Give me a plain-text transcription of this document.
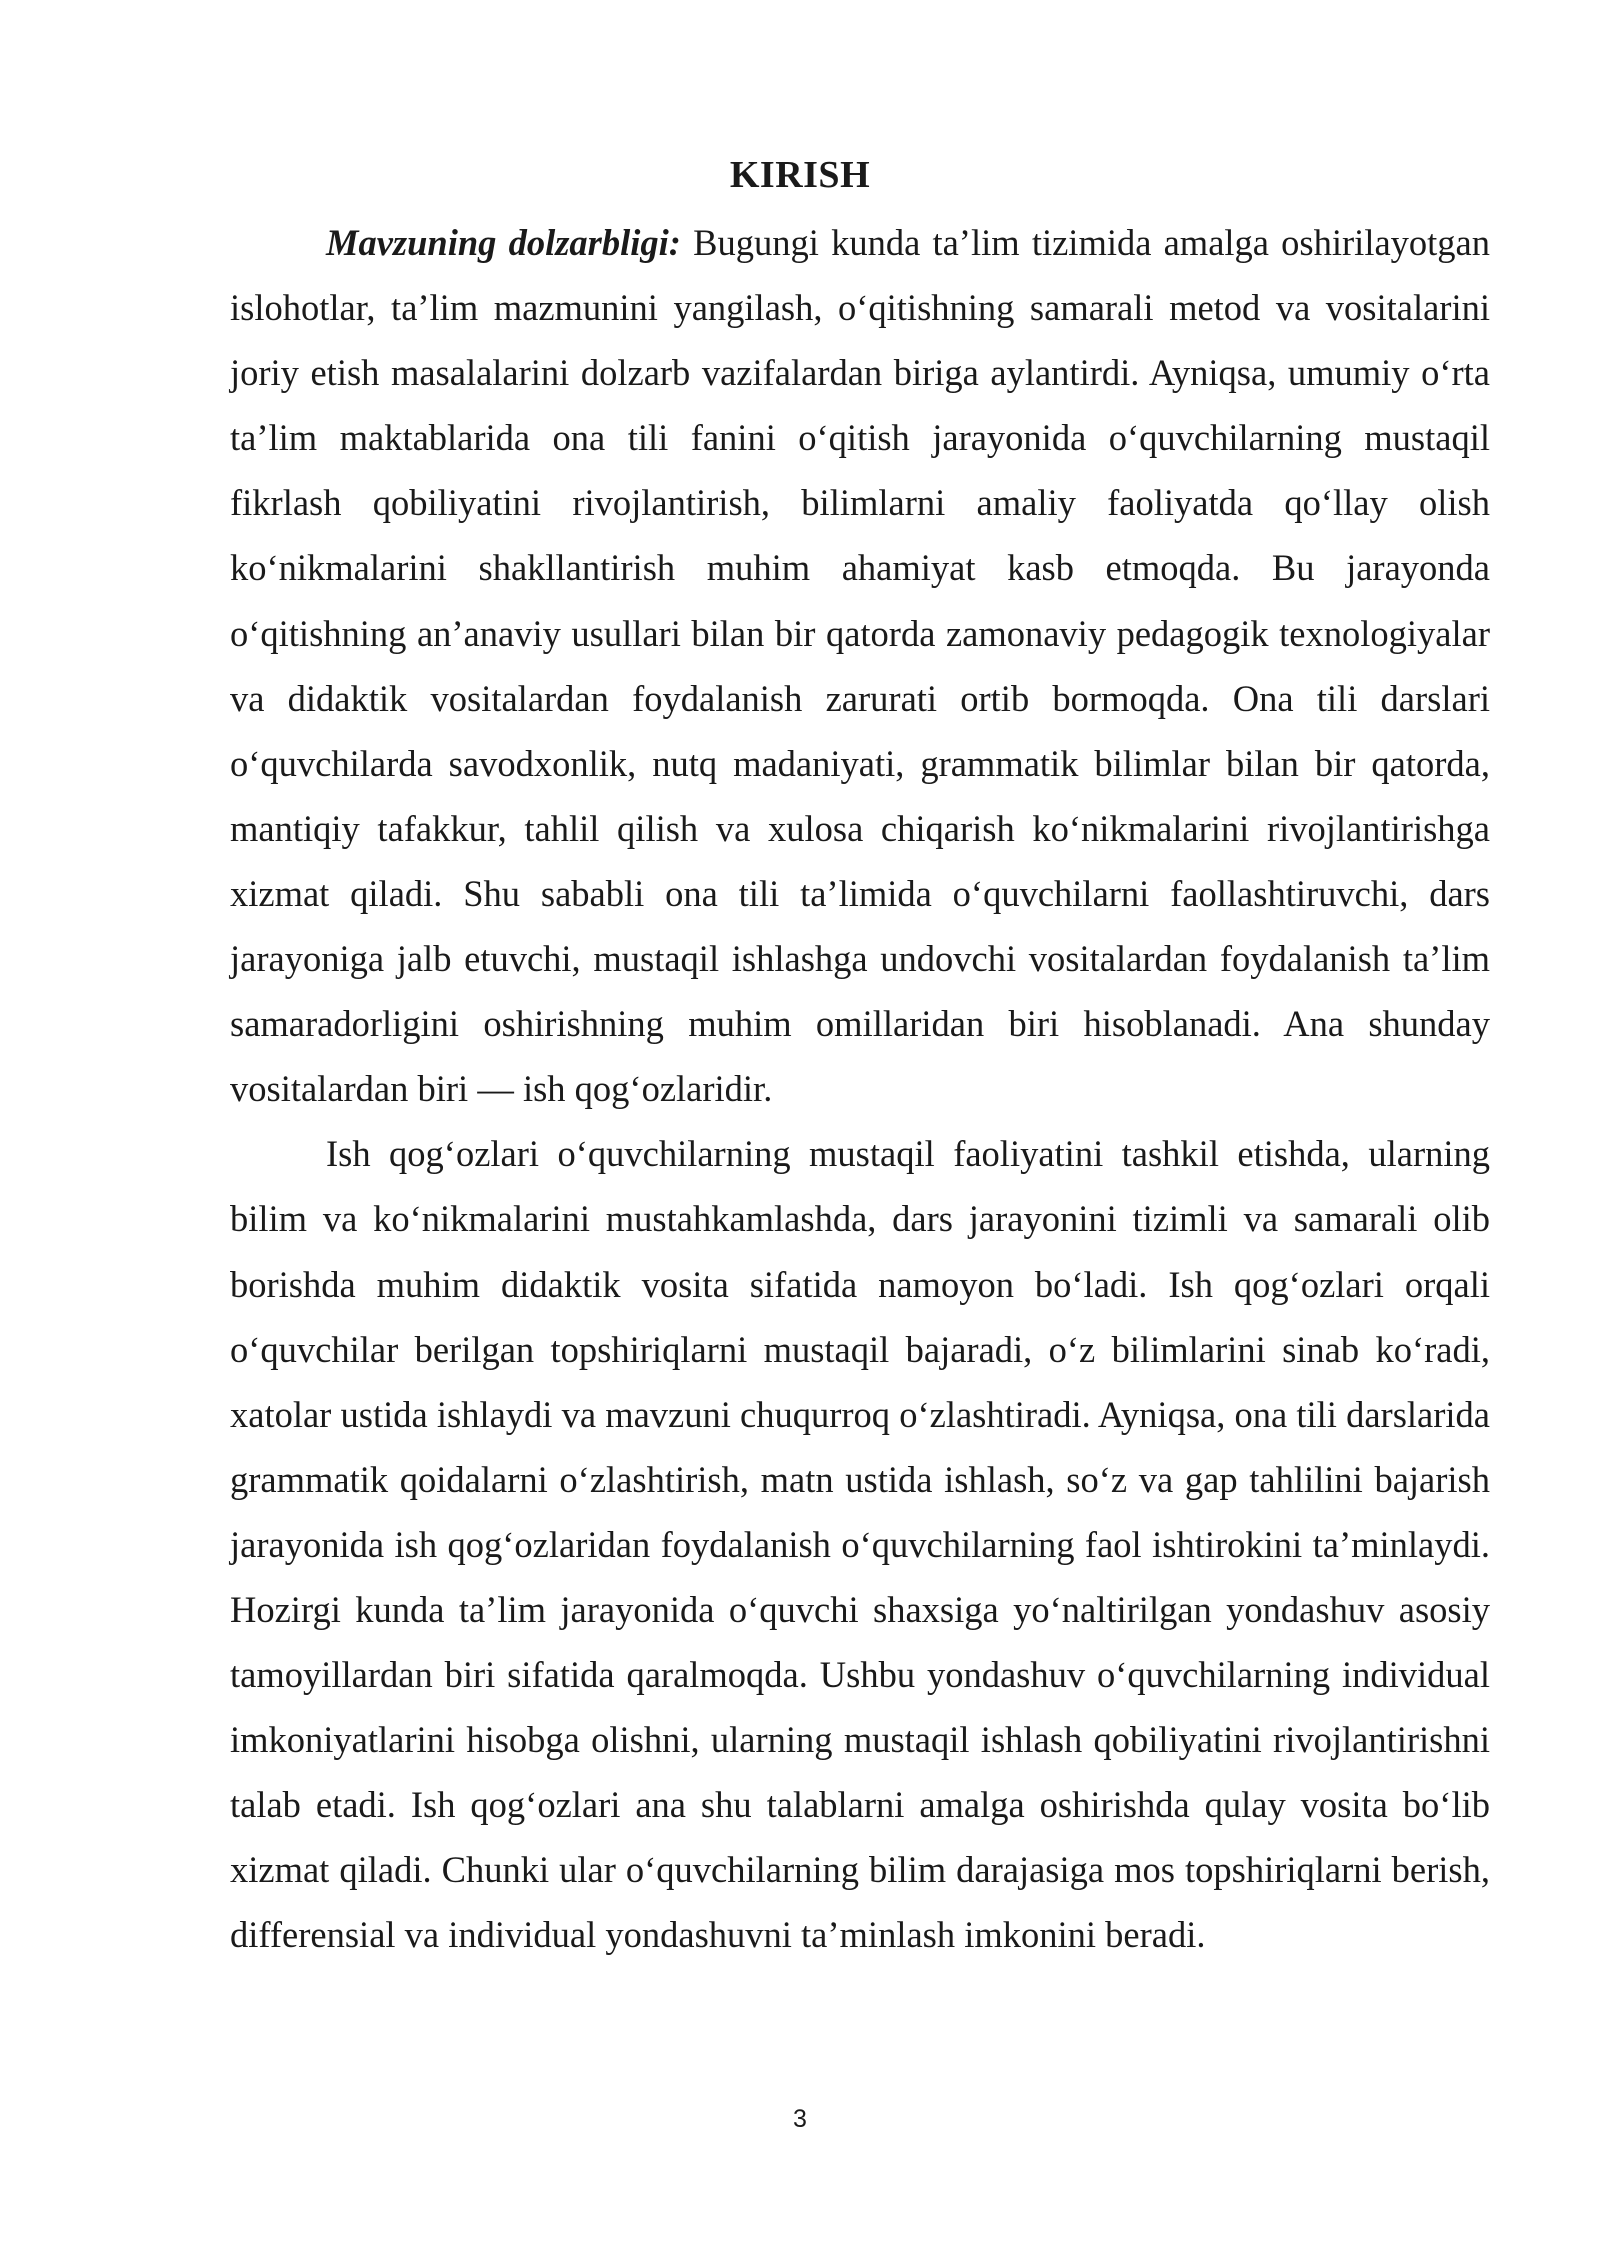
KIRISH

Mavzuning dolzarbligi: Bugungi kunda ta’lim tizimida amalga oshirilayotgan islohotlar, ta’lim mazmunini yangilash, o‘qitishning samarali metod va vositalarini joriy etish masalalarini dolzarb vazifalardan biriga aylantirdi. Ayniqsa, umumiy o‘rta ta’lim maktablarida ona tili fanini o‘qitish jarayonida o‘quvchilarning mustaqil fikrlash qobiliyatini rivojlantirish, bilimlarni amaliy faoliyatda qo‘llay olish ko‘nikmalarini shakllantirish muhim ahamiyat kasb etmoqda. Bu jarayonda o‘qitishning an’anaviy usullari bilan bir qatorda zamonaviy pedagogik texnologiyalar va didaktik vositalardan foydalanish zarurati ortib bormoqda. Ona tili darslari o‘quvchilarda savodxonlik, nutq madaniyati, grammatik bilimlar bilan bir qatorda, mantiqiy tafakkur, tahlil qilish va xulosa chiqarish ko‘nikmalarini rivojlantirishga xizmat qiladi. Shu sababli ona tili ta’limida o‘quvchilarni faollashtiruvchi, dars jarayoniga jalb etuvchi, mustaqil ishlashga undovchi vositalardan foydalanish ta’lim samaradorligini oshirishning muhim omillaridan biri hisoblanadi. Ana shunday vositalardan biri — ish qog‘ozlaridir.

Ish qog‘ozlari o‘quvchilarning mustaqil faoliyatini tashkil etishda, ularning bilim va ko‘nikmalarini mustahkamlashda, dars jarayonini tizimli va samarali olib borishda muhim didaktik vosita sifatida namoyon bo‘ladi. Ish qog‘ozlari orqali o‘quvchilar berilgan topshiriqlarni mustaqil bajaradi, o‘z bilimlarini sinab ko‘radi, xatolar ustida ishlaydi va mavzuni chuqurroq o‘zlashtiradi. Ayniqsa, ona tili darslarida grammatik qoidalarni o‘zlashtirish, matn ustida ishlash, so‘z va gap tahlilini bajarish jarayonida ish qog‘ozlaridan foydalanish o‘quvchilarning faol ishtirokini ta’minlaydi. Hozirgi kunda ta’lim jarayonida o‘quvchi shaxsiga yo‘naltirilgan yondashuv asosiy tamoyillardan biri sifatida qaralmoqda. Ushbu yondashuv o‘quvchilarning individual imkoniyatlarini hisobga olishni, ularning mustaqil ishlash qobiliyatini rivojlantirishni talab etadi. Ish qog‘ozlari ana shu talablarni amalga oshirishda qulay vosita bo‘lib xizmat qiladi. Chunki ular o‘quvchilarning bilim darajasiga mos topshiriqlarni berish, differensial va individual yondashuvni ta’minlash imkonini beradi.

3
